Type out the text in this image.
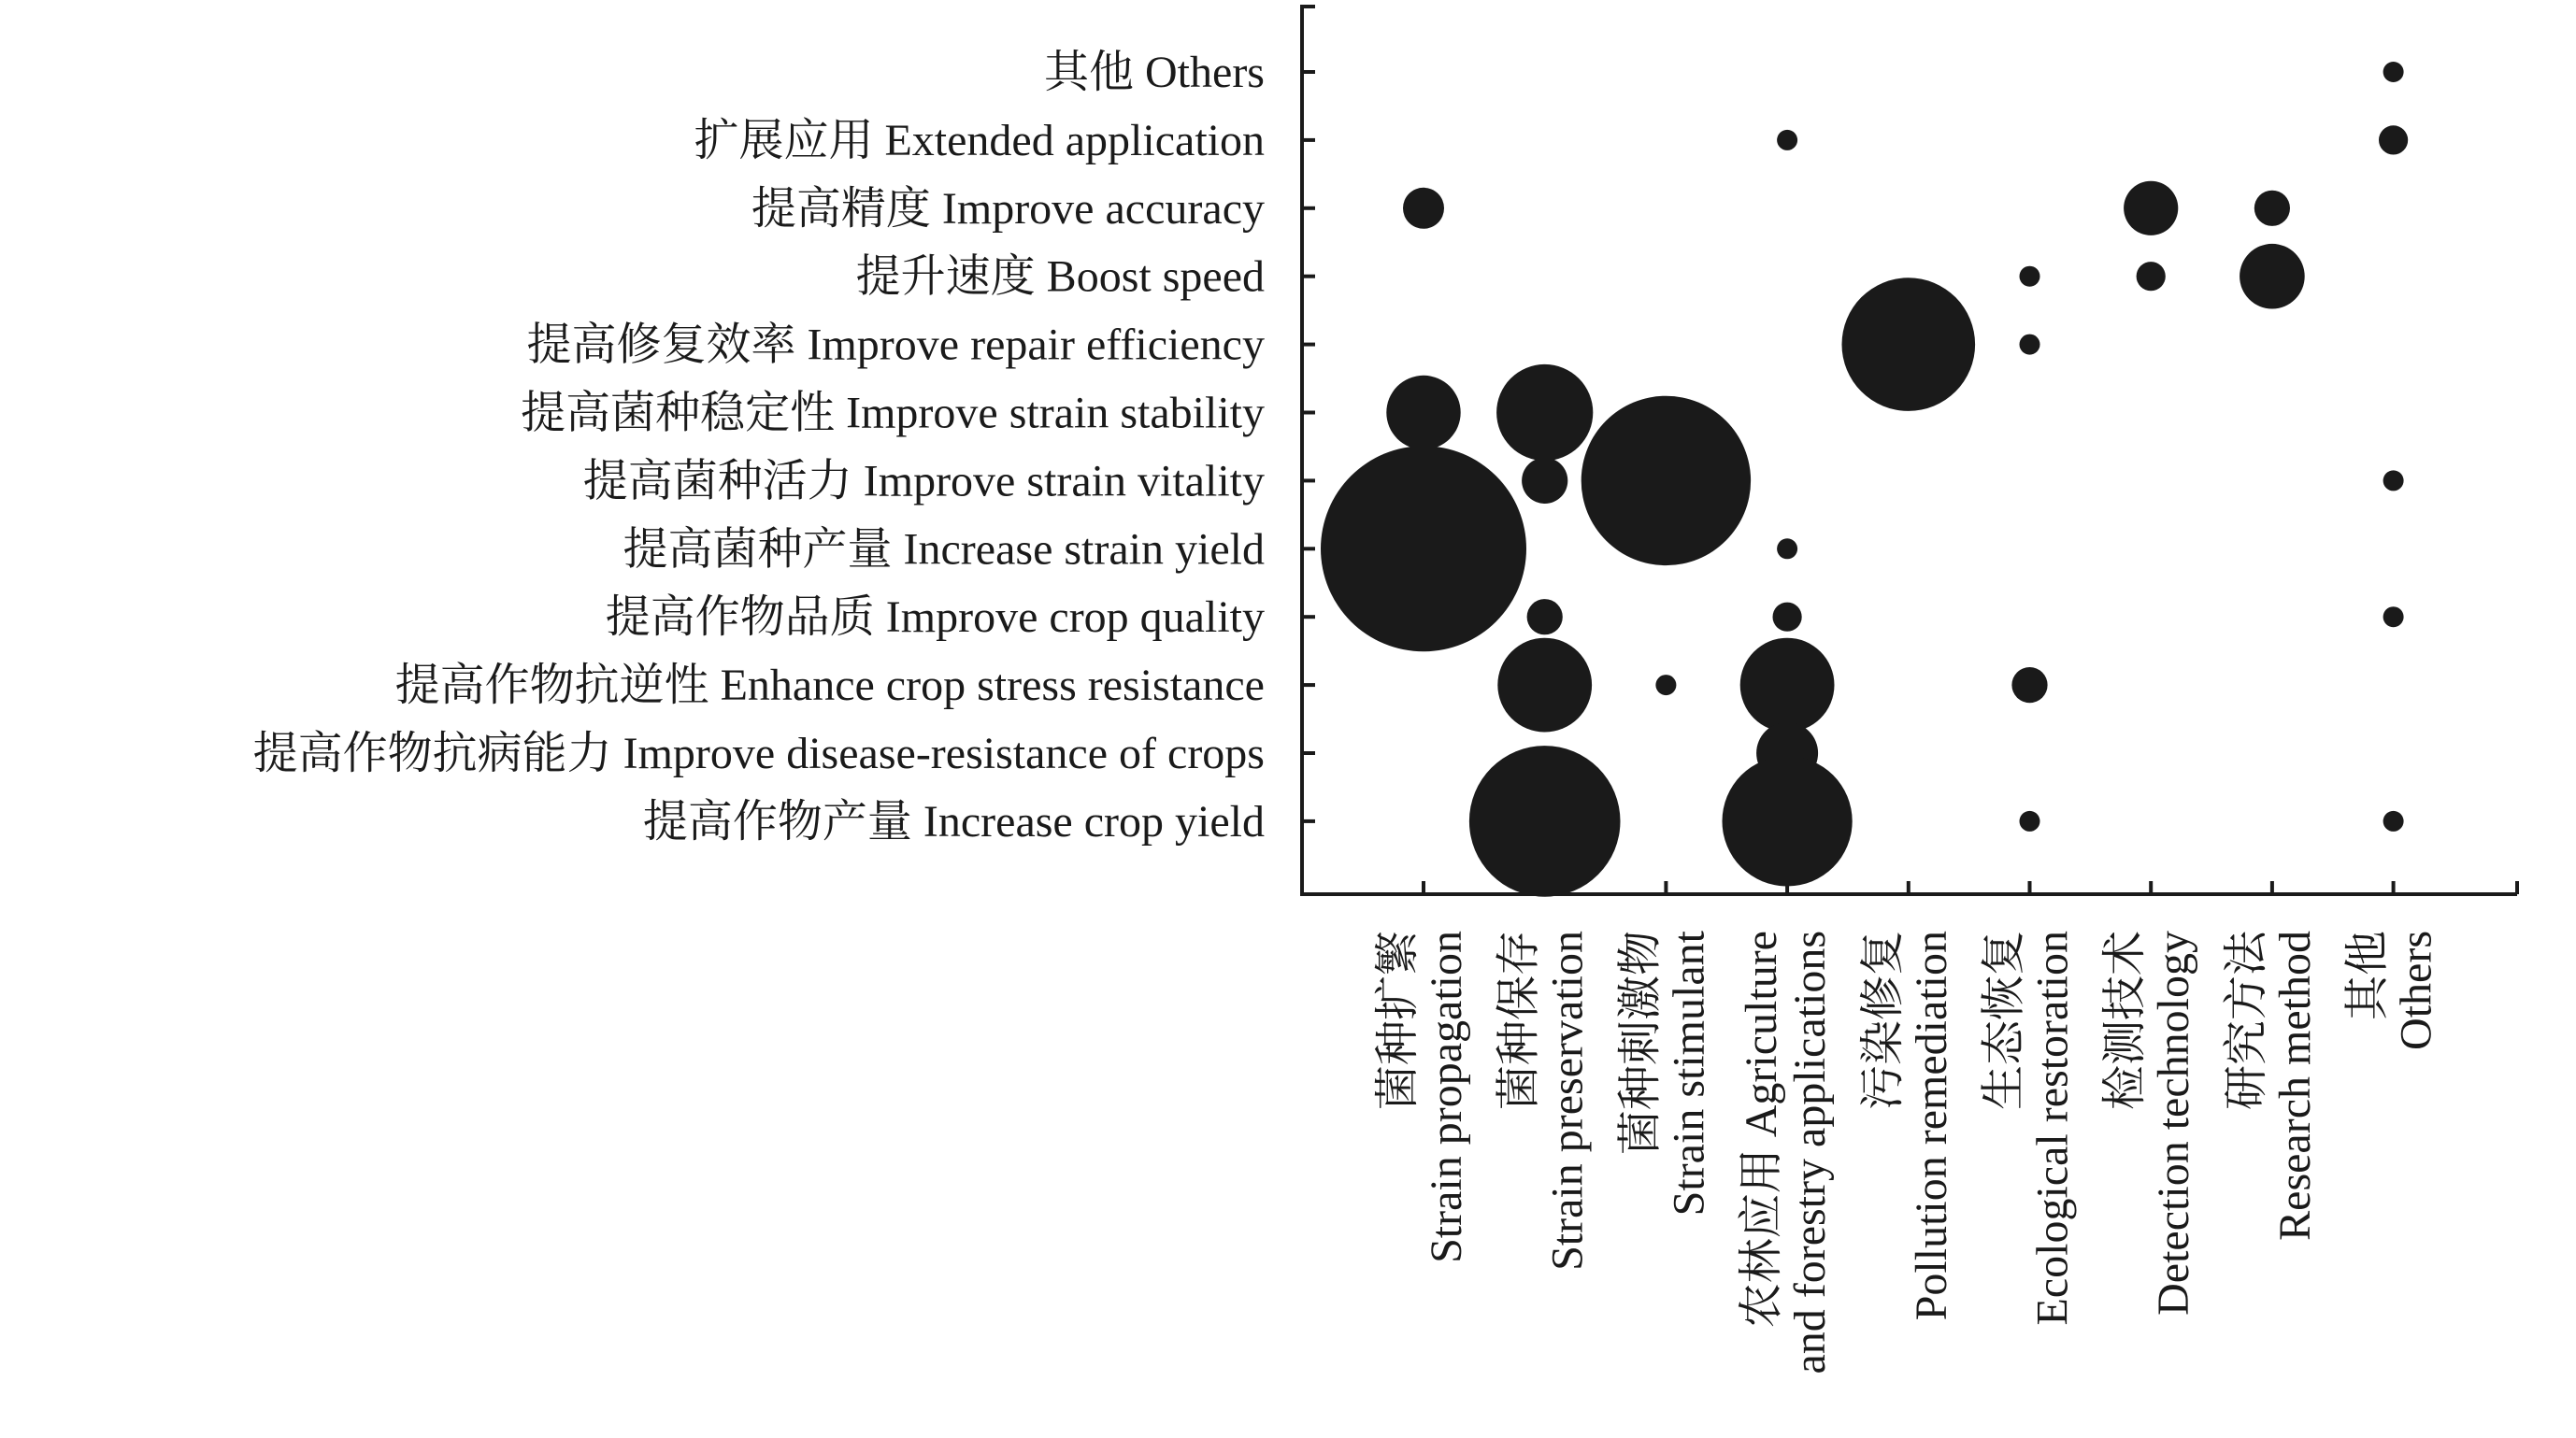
其他 Others
扩展应用 Extended application
提高精度 Improve accuracy
提升速度 Boost speed
提高修复效率 Improve repair efficiency
提高菌种稳定性 Improve strain stability
提高菌种活力 Improve strain vitality
提高菌种产量 Increase strain yield
提高作物品质 Improve crop quality
提高作物抗逆性 Enhance crop stress resistance
提高作物抗病能力 Improve disease-resistance of crops
提高作物产量 Increase crop yield
菌种扩繁 Strain propagation 菌种保存 Strain preservation 菌种刺激物 Strain stimulant 农林应用 Agriculture and forestry applications 污染修复 Pollution remediation 生态恢复 Ecological restoration 检测技术 Detection technology 研究方法 Research method 其他 Others
